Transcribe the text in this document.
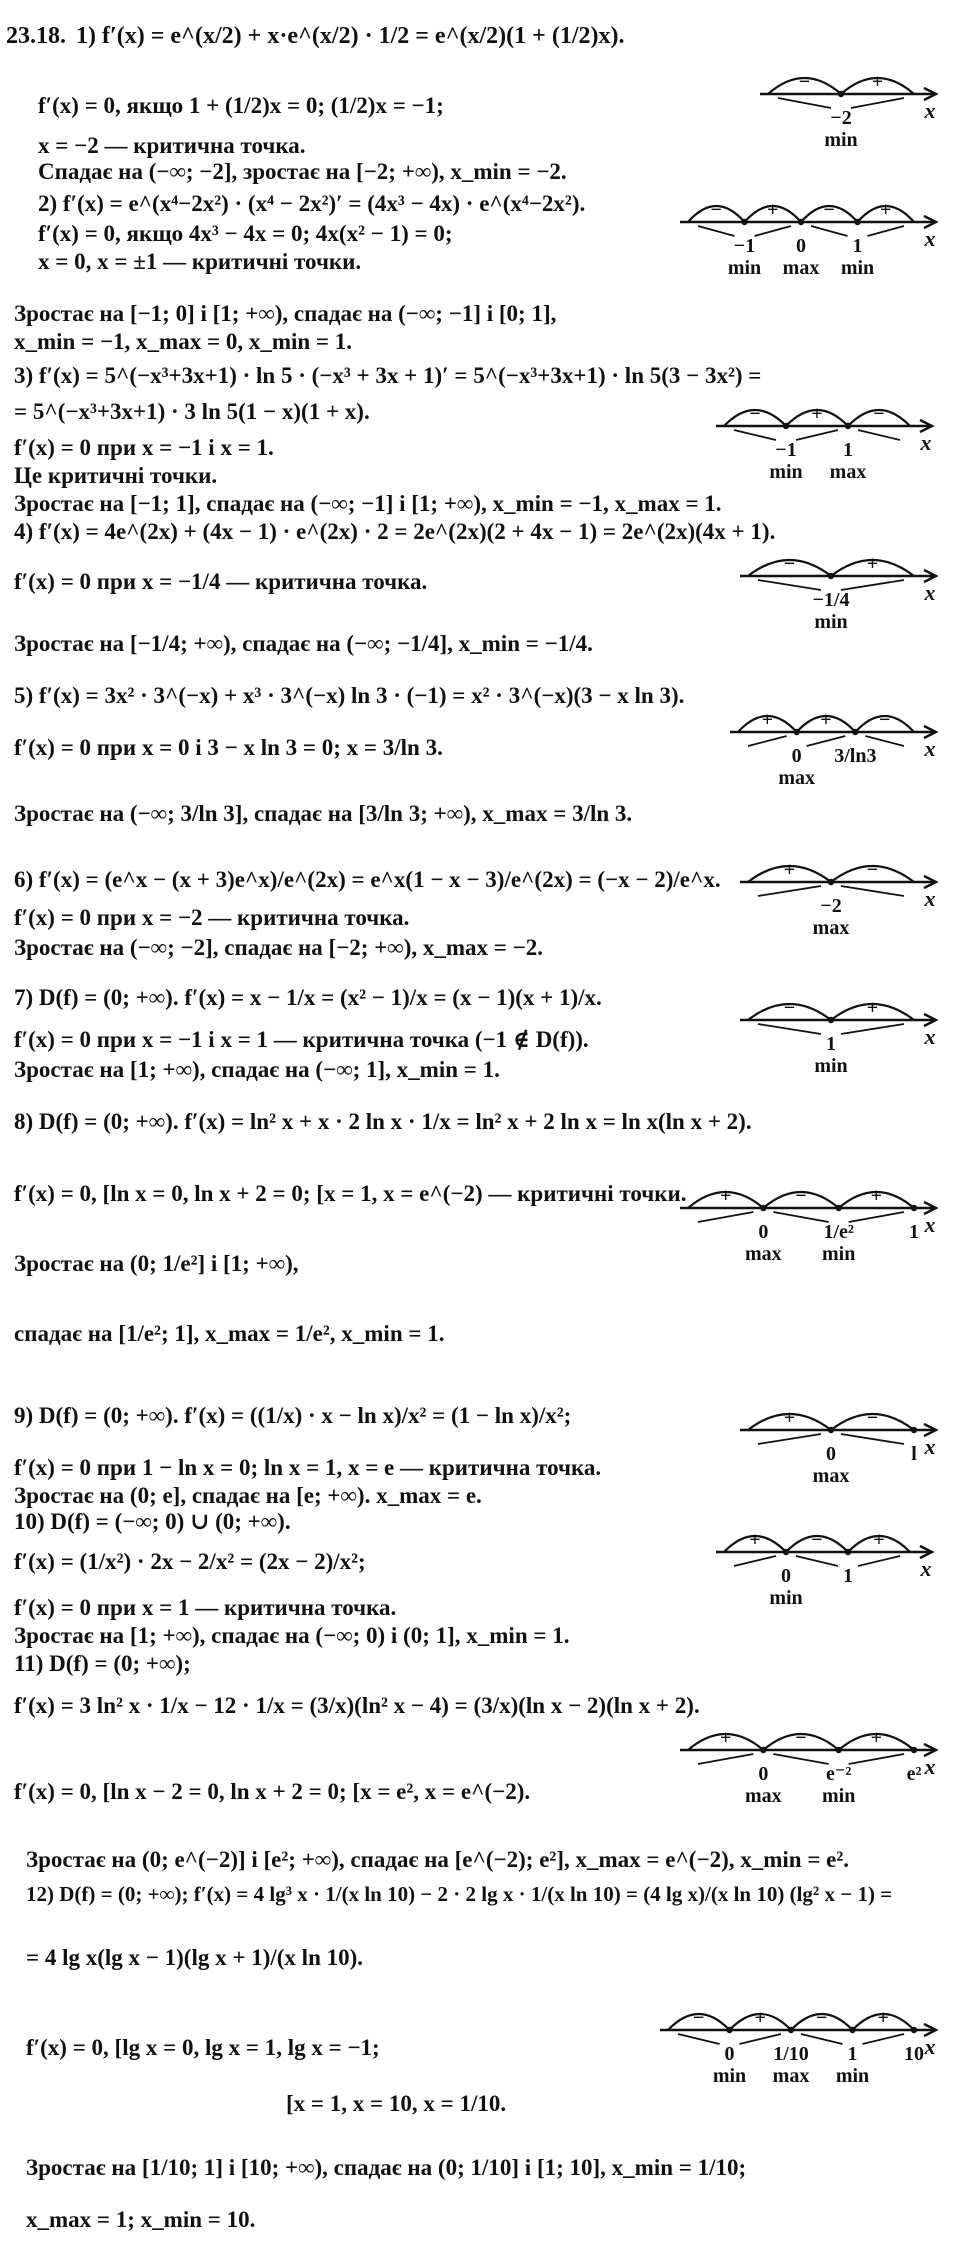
23.18. 1) f′(x) = e^(x/2) + x·e^(x/2) · 1/2 = e^(x/2)(1 + (1/2)x).
f′(x) = 0, якщо 1 + (1/2)x = 0; (1/2)x = −1;
x = −2 — критична точка.
Спадає на (−∞; −2], зростає на [−2; +∞), x_min = −2.
2) f′(x) = e^(x⁴−2x²) · (x⁴ − 2x²)′ = (4x³ − 4x) · e^(x⁴−2x²).
f′(x) = 0, якщо 4x³ − 4x = 0; 4x(x² − 1) = 0;
x = 0, x = ±1 — критичні точки.
Зростає на [−1; 0] і [1; +∞), спадає на (−∞; −1] і [0; 1],
x_min = −1, x_max = 0, x_min = 1.
3) f′(x) = 5^(−x³+3x+1) · ln 5 · (−x³ + 3x + 1)′ = 5^(−x³+3x+1) · ln 5(3 − 3x²) =
= 5^(−x³+3x+1) · 3 ln 5(1 − x)(1 + x).
f′(x) = 0 при x = −1 і x = 1.
Це критичні точки.
Зростає на [−1; 1], спадає на (−∞; −1] і [1; +∞), x_min = −1, x_max = 1.
4) f′(x) = 4e^(2x) + (4x − 1) · e^(2x) · 2 = 2e^(2x)(2 + 4x − 1) = 2e^(2x)(4x + 1).
f′(x) = 0 при x = −1/4 — критична точка.
Зростає на [−1/4; +∞), спадає на (−∞; −1/4], x_min = −1/4.
5) f′(x) = 3x² · 3^(−x) + x³ · 3^(−x) ln 3 · (−1) = x² · 3^(−x)(3 − x ln 3).
f′(x) = 0 при x = 0 і 3 − x ln 3 = 0; x = 3/ln 3.
Зростає на (−∞; 3/ln 3], спадає на [3/ln 3; +∞), x_max = 3/ln 3.
6) f′(x) = (e^x − (x + 3)e^x)/e^(2x) = e^x(1 − x − 3)/e^(2x) = (−x − 2)/e^x.
f′(x) = 0 при x = −2 — критична точка.
Зростає на (−∞; −2], спадає на [−2; +∞), x_max = −2.
7) D(f) = (0; +∞). f′(x) = x − 1/x = (x² − 1)/x = (x − 1)(x + 1)/x.
f′(x) = 0 при x = −1 і x = 1 — критична точка (−1 ∉ D(f)).
Зростає на [1; +∞), спадає на (−∞; 1], x_min = 1.
8) D(f) = (0; +∞). f′(x) = ln² x + x · 2 ln x · 1/x = ln² x + 2 ln x = ln x(ln x + 2).
f′(x) = 0, [ln x = 0, ln x + 2 = 0; [x = 1, x = e^(−2) — критичні точки.
Зростає на (0; 1/e²] і [1; +∞),
спадає на [1/e²; 1], x_max = 1/e², x_min = 1.
9) D(f) = (0; +∞). f′(x) = ((1/x) · x − ln x)/x² = (1 − ln x)/x²;
f′(x) = 0 при 1 − ln x = 0; ln x = 1, x = e — критична точка.
Зростає на (0; e], спадає на [e; +∞). x_max = e.
10) D(f) = (−∞; 0) ∪ (0; +∞).
f′(x) = (1/x²) · 2x − 2/x² = (2x − 2)/x²;
f′(x) = 0 при x = 1 — критична точка.
Зростає на [1; +∞), спадає на (−∞; 0) і (0; 1], x_min = 1.
11) D(f) = (0; +∞);
f′(x) = 3 ln² x · 1/x − 12 · 1/x = (3/x)(ln² x − 4) = (3/x)(ln x − 2)(ln x + 2).
f′(x) = 0, [ln x − 2 = 0, ln x + 2 = 0; [x = e², x = e^(−2).
Зростає на (0; e^(−2)] і [e²; +∞), спадає на [e^(−2); e²], x_max = e^(−2), x_min = e².
12) D(f) = (0; +∞); f′(x) = 4 lg³ x · 1/(x ln 10) − 2 · 2 lg x · 1/(x ln 10) = (4 lg x)/(x ln 10) (lg² x − 1) =
= 4 lg x(lg x − 1)(lg x + 1)/(x ln 10).
f′(x) = 0, [lg x = 0, lg x = 1, lg x = −1;
[x = 1, x = 10, x = 1/10.
Зростає на [1/10; 1] і [10; +∞), спадає на (0; 1/10] і [1; 10], x_min = 1/10;
x_max = 1; x_min = 10.
x
−	+
−2
min
x
− + − +
−1 0 1
min max min
x
−	+	−
−1 1
min max
x
−	+
−1/4
min
x
+ + −
0 3/ln3
max
x
+	−
−2
max
x
−	+
1
min
x
+	−	+
0	1/e²	1
max min
x
+	−
0	l
max
x
+	−	+
0	1
min
x
+	−	+
0	e⁻²	e²
max min
x
−	+	−	+
0 1/10 1 10
min max min
